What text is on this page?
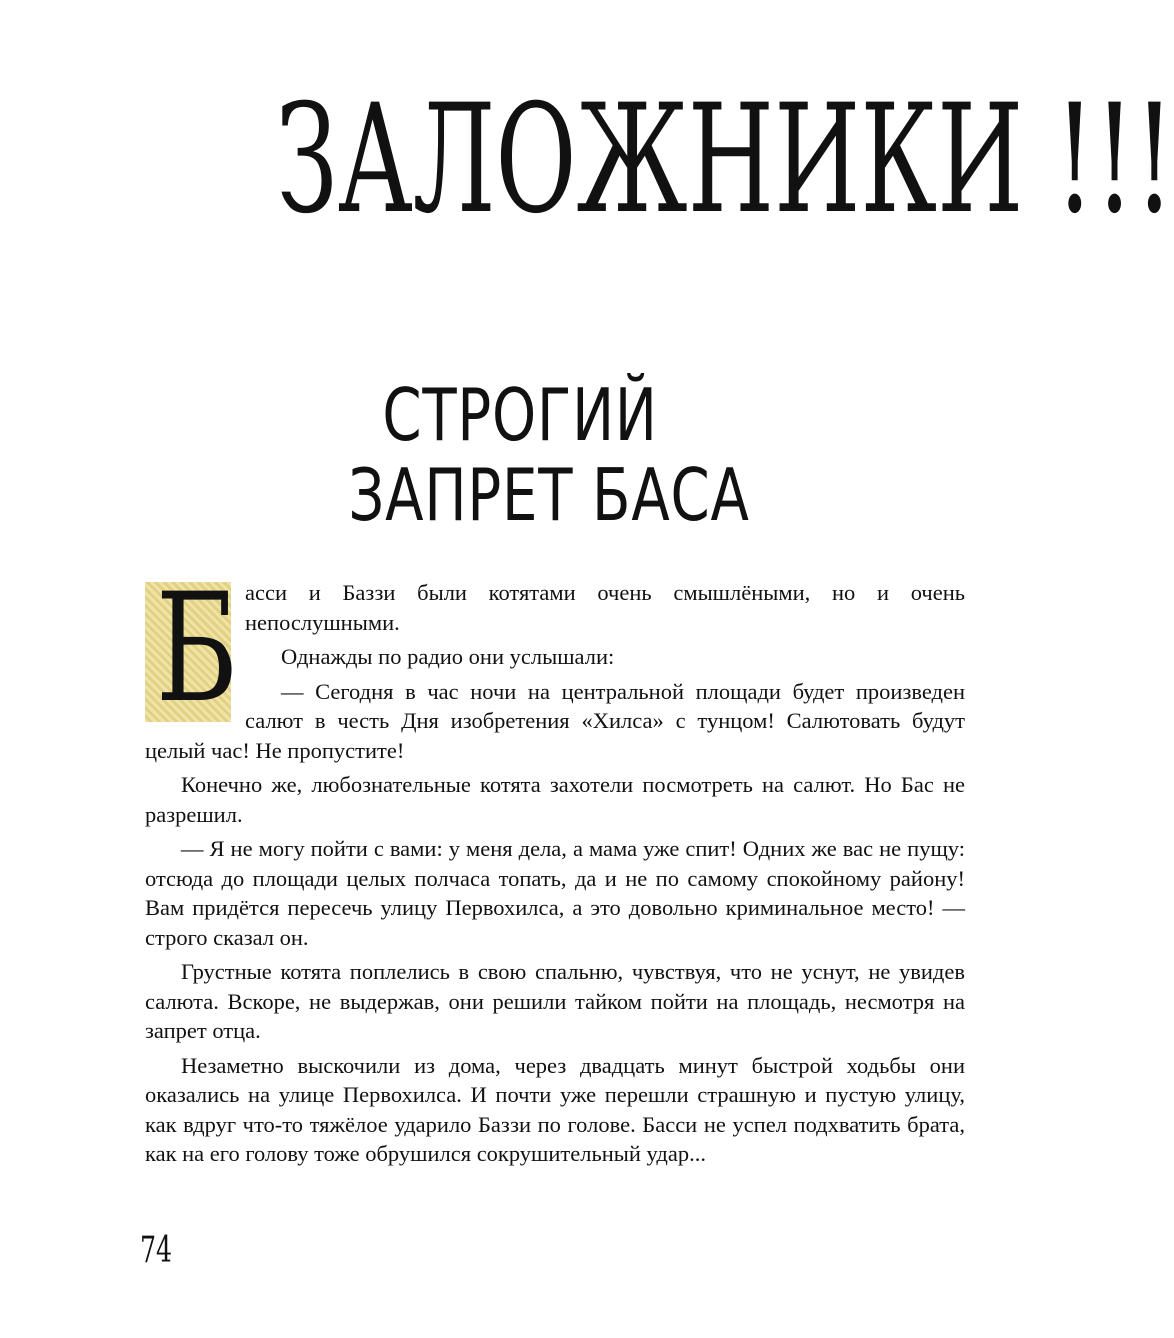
ЗАЛОЖНИКИ !!!
СТРОГИЙ
ЗАПРЕТ БАСА
Б асси и Баззи были котятами очень смышлёными, но и очень непослушными.

Однажды по радио они услышали:

— Сегодня в час ночи на центральной площади будет произведен салют в честь Дня изобретения «Хилса» с тунцом! Салютовать будут целый час! Не пропустите!

Конечно же, любознательные котята захотели посмотреть на салют. Но Бас не разрешил.

— Я не могу пойти с вами: у меня дела, а мама уже спит! Одних же вас не пущу: отсюда до площади целых полчаса топать, да и не по самому спокойному району! Вам придётся пересечь улицу Первохилса, а это довольно криминальное место! — строго сказал он.

Грустные котята поплелись в свою спальню, чувствуя, что не уснут, не увидев салюта. Вскоре, не выдержав, они решили тайком пойти на площадь, несмотря на запрет отца.

Незаметно выскочили из дома, через двадцать минут быстрой ходьбы они оказались на улице Первохилса. И почти уже перешли страшную и пустую улицу, как вдруг что-то тяжёлое ударило Баззи по голове. Басси не успел подхватить брата, как на его голову тоже обрушился сокрушительный удар...

74
